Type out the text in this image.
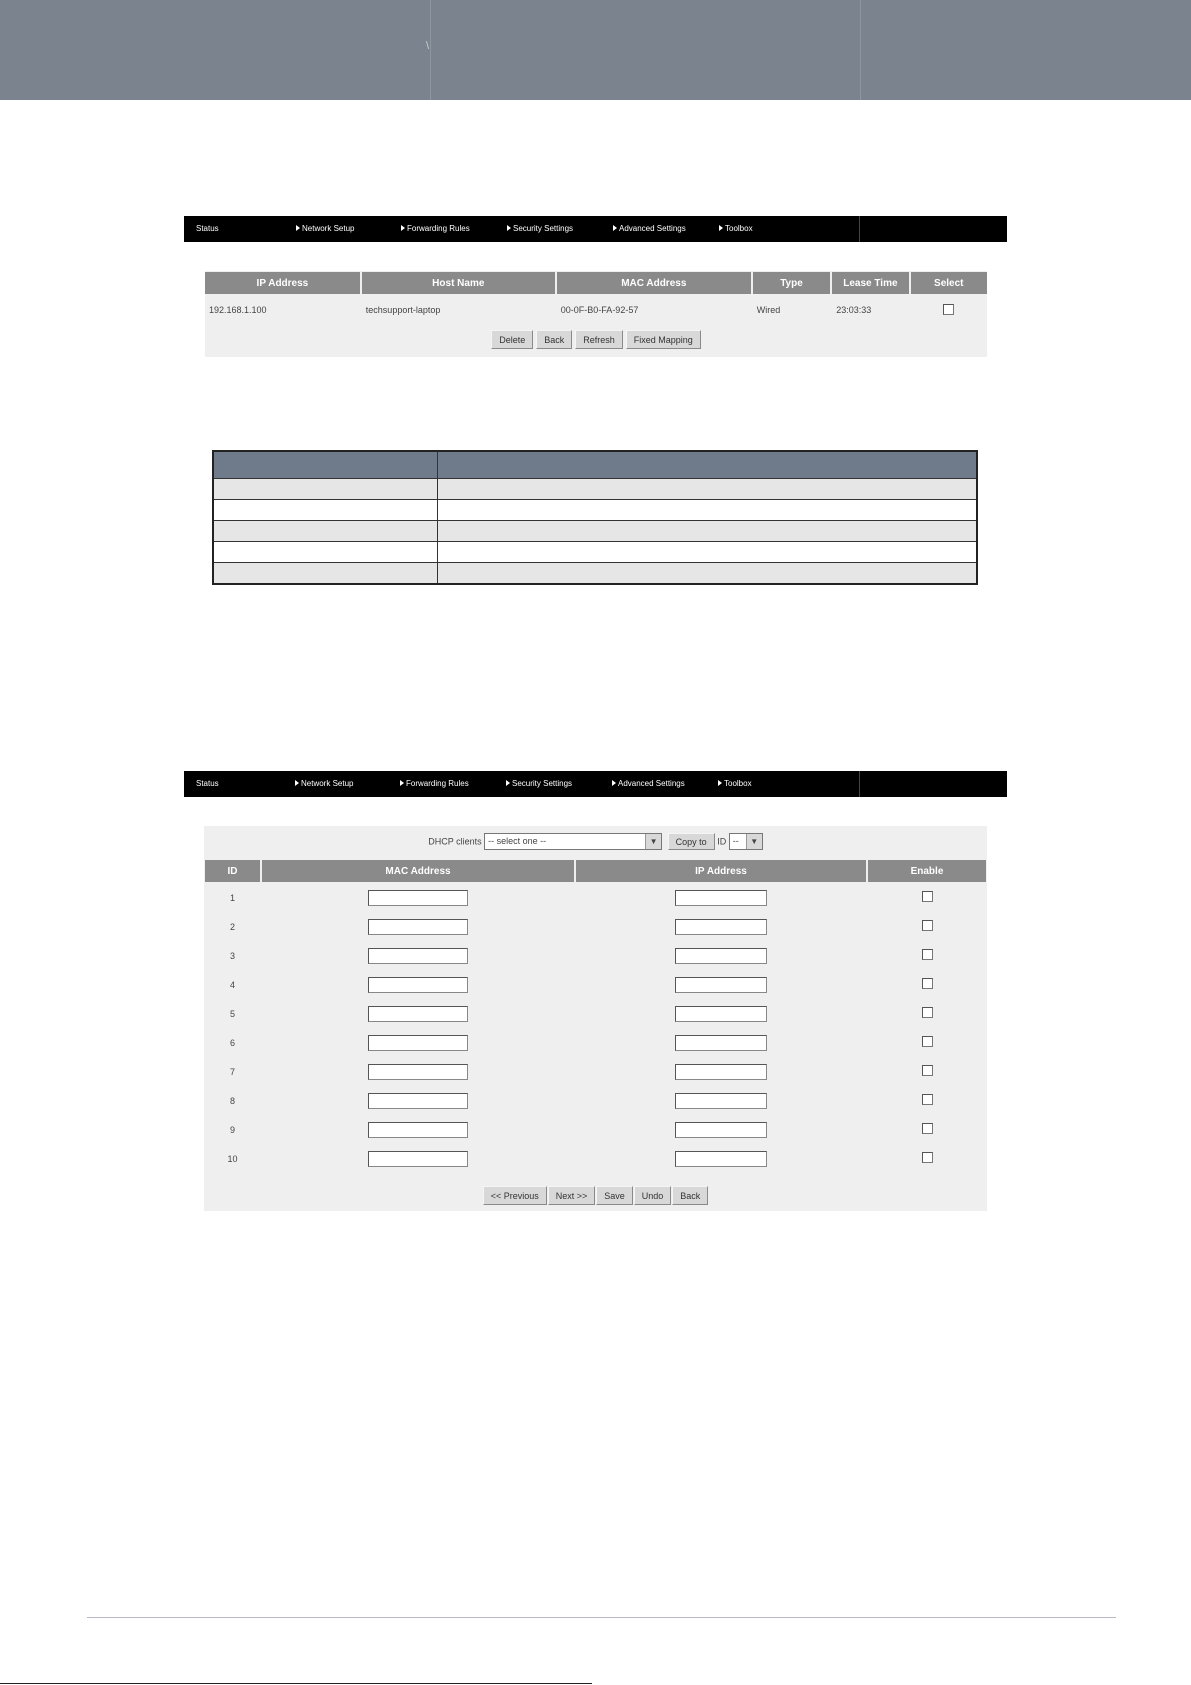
\
Status	Network Setup	Forwarding Rules	Security Settings	Advanced Settings	Toolbox
IP Address	Host Name	MAC Address	Type	Lease Time	Select
192.168.1.100	techsupport-laptop	00-0F-B0-FA-92-57	Wired	23:03:33	
Delete Back Refresh Fixed Mapping

Status	Network Setup	Forwarding Rules	Security Settings	Advanced Settings	Toolbox
DHCP clients -- select one --	▼	Copy to ID --	▼
ID	MAC Address	IP Address	Enable
1			
2			
3			
4			
5			
6			
7			
8			
9			
10			
<< Previous Next >> Save Undo Back
